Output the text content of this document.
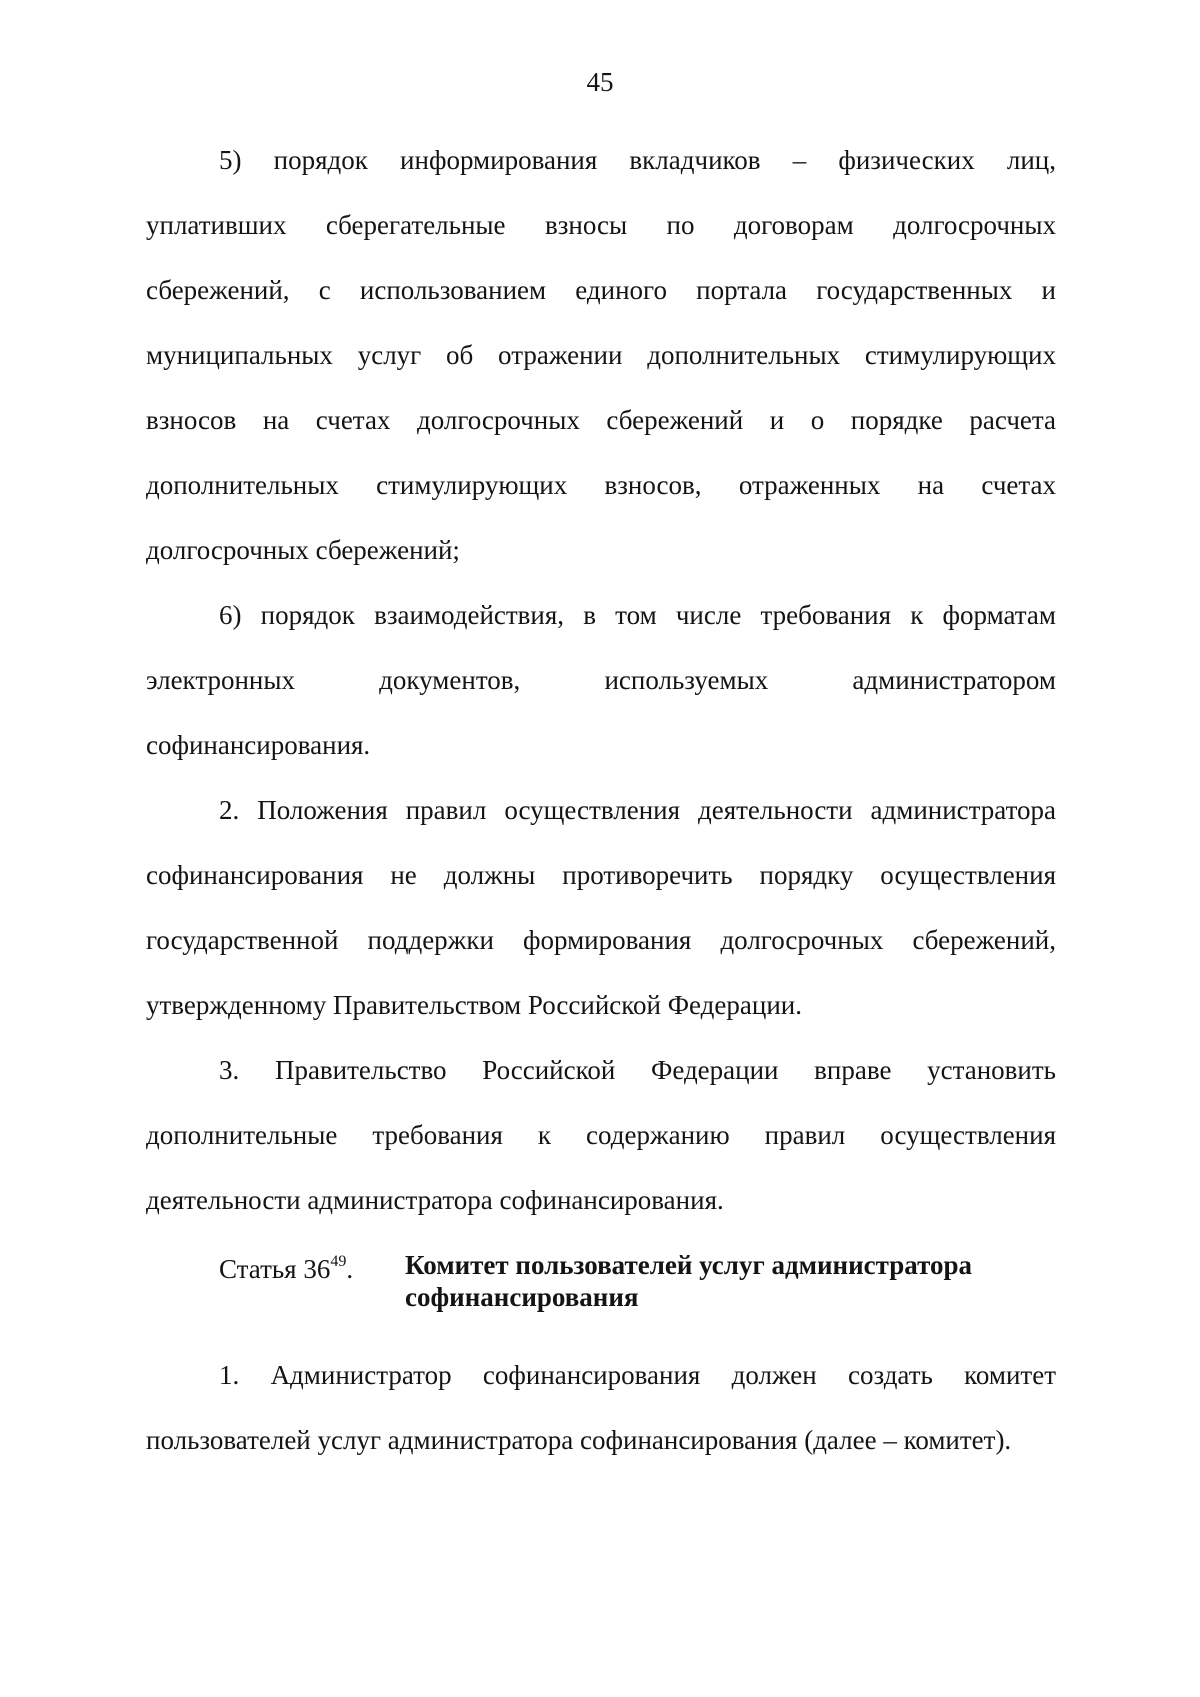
45
5) порядок информирования вкладчиков – физических лиц,
уплативших сберегательные взносы по договорам долгосрочных
сбережений, с использованием единого портала государственных и
муниципальных услуг об отражении дополнительных стимулирующих
взносов на счетах долгосрочных сбережений и о порядке расчета
дополнительных стимулирующих взносов, отраженных на счетах
долгосрочных сбережений;
6) порядок взаимодействия, в том числе требования к форматам
электронных документов, используемых администратором
софинансирования.
2. Положения правил осуществления деятельности администратора
софинансирования не должны противоречить порядку осуществления
государственной поддержки формирования долгосрочных сбережений,
утвержденному Правительством Российской Федерации.
3. Правительство Российской Федерации вправе установить
дополнительные требования к содержанию правил осуществления
деятельности администратора софинансирования.
Статья $36^{49}$. Комитет пользователей услуг администратора
софинансирования
1. Администратор софинансирования должен создать комитет
пользователей услуг администратора софинансирования (далее – комитет).
